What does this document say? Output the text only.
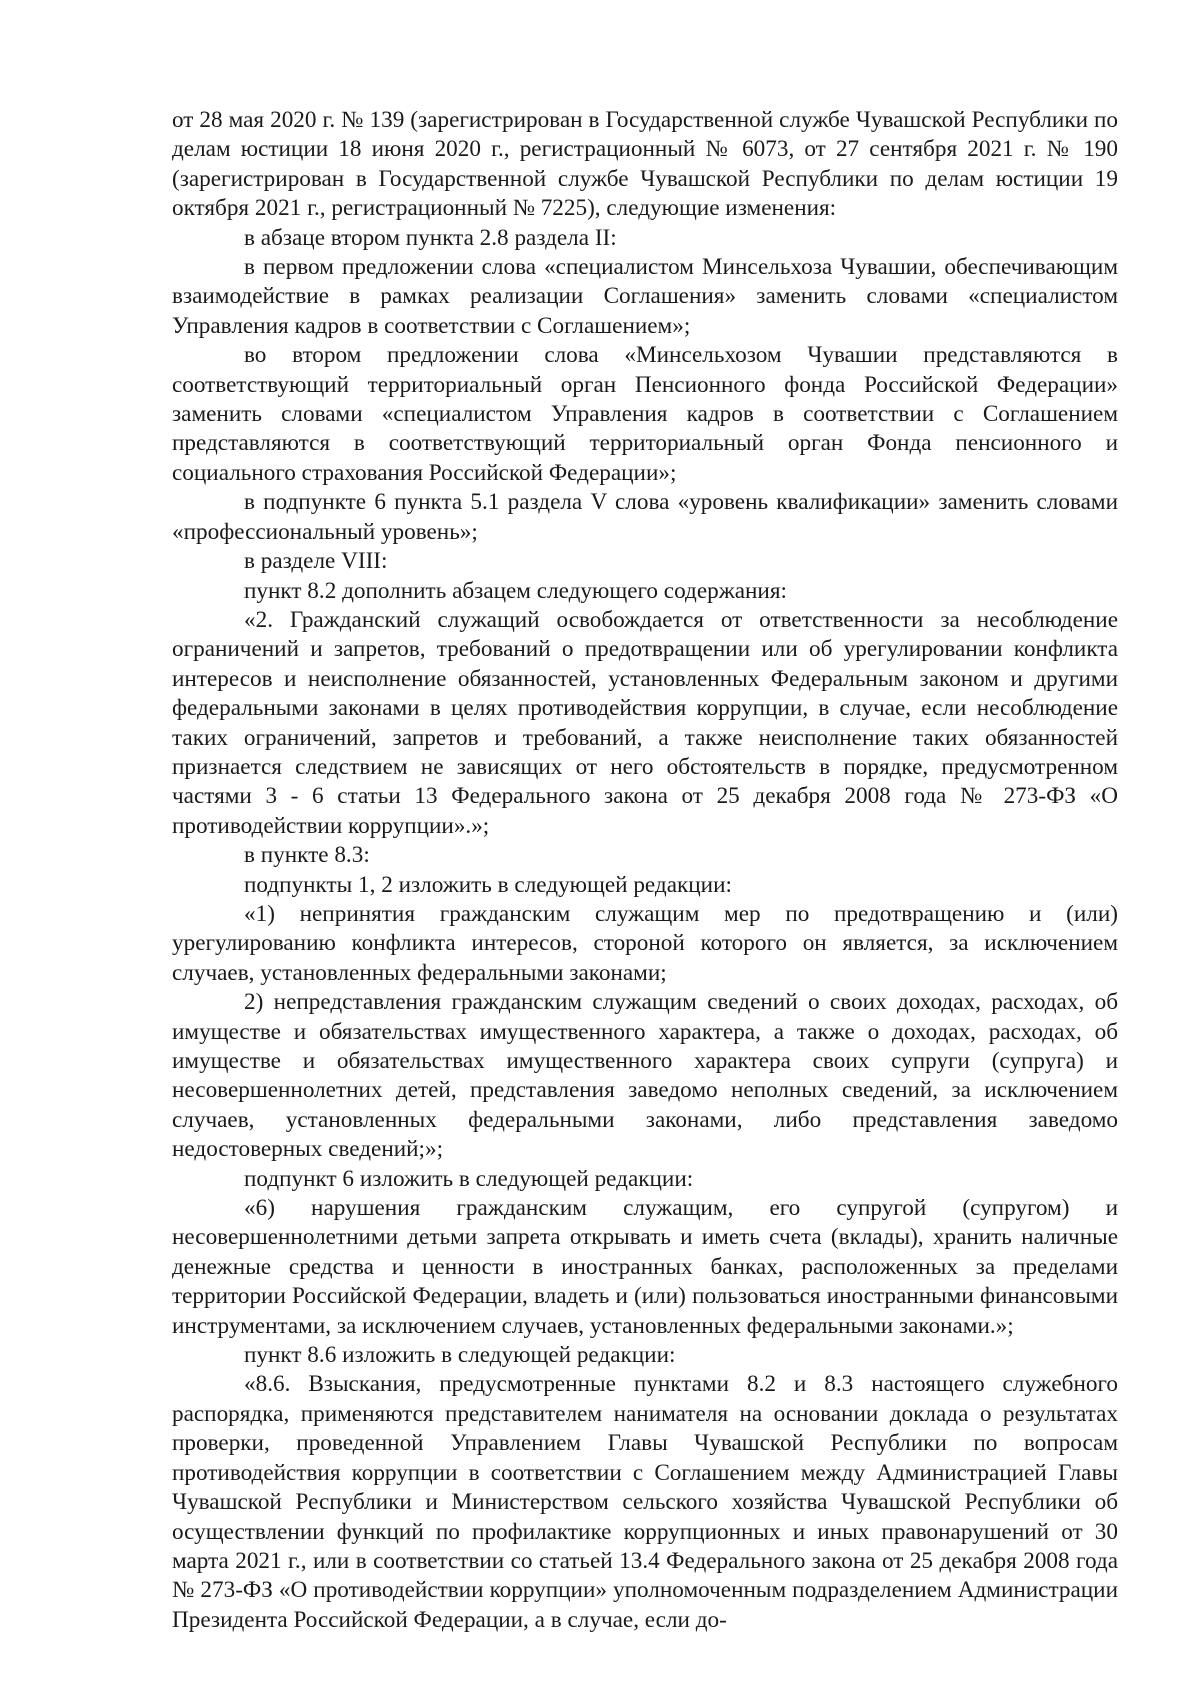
от 28 мая 2020 г. № 139 (зарегистрирован в Государственной службе Чувашской Республики по делам юстиции 18 июня 2020 г., регистрационный № 6073, от 27 сентября 2021 г. № 190 (зарегистрирован в Государственной службе Чувашской Республики по делам юстиции 19 октября 2021 г., регистрационный № 7225), следующие изменения:

в абзаце втором пункта 2.8 раздела II:

в первом предложении слова «специалистом Минсельхоза Чувашии, обеспечивающим взаимодействие в рамках реализации Соглашения» заменить словами «специалистом Управления кадров в соответствии с Соглашением»;

во втором предложении слова «Минсельхозом Чувашии представляются в соответствующий территориальный орган Пенсионного фонда Российской Федерации» заменить словами «специалистом Управления кадров в соответствии с Соглашением представляются в соответствующий территориальный орган Фонда пенсионного и социального страхования Российской Федерации»;

в подпункте 6 пункта 5.1 раздела V слова «уровень квалификации» заменить словами «профессиональный уровень»;

в разделе VIII:

пункт 8.2 дополнить абзацем следующего содержания:

«2. Гражданский служащий освобождается от ответственности за несоблюдение ограничений и запретов, требований о предотвращении или об урегулировании конфликта интересов и неисполнение обязанностей, установленных Федеральным законом и другими федеральными законами в целях противодействия коррупции, в случае, если несоблюдение таких ограничений, запретов и требований, а также неисполнение таких обязанностей признается следствием не зависящих от него обстоятельств в порядке, предусмотренном частями 3 - 6 статьи 13 Федерального закона от 25 декабря 2008 года № 273-ФЗ «О противодействии коррупции».»;

в пункте 8.3:

подпункты 1, 2 изложить в следующей редакции:

«1) непринятия гражданским служащим мер по предотвращению и (или) урегулированию конфликта интересов, стороной которого он является, за исключением случаев, установленных федеральными законами;

2) непредставления гражданским служащим сведений о своих доходах, расходах, об имуществе и обязательствах имущественного характера, а также о доходах, расходах, об имуществе и обязательствах имущественного характера своих супруги (супруга) и несовершеннолетних детей, представления заведомо неполных сведений, за исключением случаев, установленных федеральными законами, либо представления заведомо недостоверных сведений;»;

подпункт 6 изложить в следующей редакции:

«6) нарушения гражданским служащим, его супругой (супругом) и несовершеннолетними детьми запрета открывать и иметь счета (вклады), хранить наличные денежные средства и ценности в иностранных банках, расположенных за пределами территории Российской Федерации, владеть и (или) пользоваться иностранными финансовыми инструментами, за исключением случаев, установленных федеральными законами.»;

пункт 8.6 изложить в следующей редакции:

«8.6. Взыскания, предусмотренные пунктами 8.2 и 8.3 настоящего служебного распорядка, применяются представителем нанимателя на основании доклада о результатах проверки, проведенной Управлением Главы Чувашской Республики по вопросам противодействия коррупции в соответствии с Соглашением между Администрацией Главы Чувашской Республики и Министерством сельского хозяйства Чувашской Республики об осуществлении функций по профилактике коррупционных и иных правонарушений от 30 марта 2021 г., или в соответствии со статьей 13.4 Федерального закона от 25 декабря 2008 года № 273-ФЗ «О противодействии коррупции» уполномоченным подразделением Администрации Президента Российской Федерации, а в случае, если до-
